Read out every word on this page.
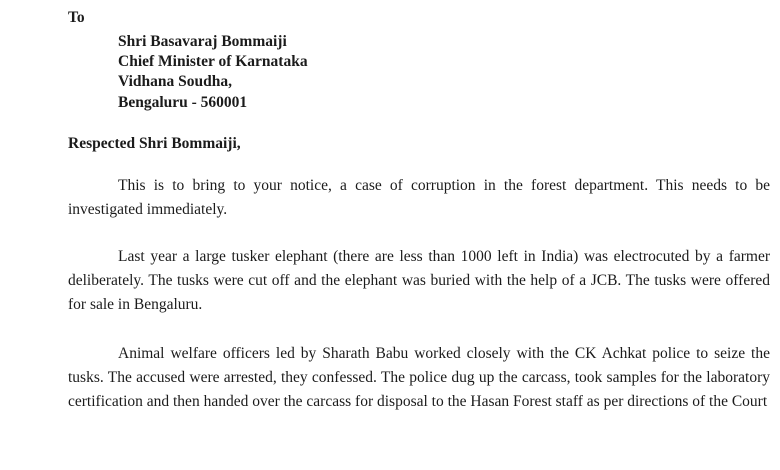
To
Shri Basavaraj Bommaiji
Chief Minister of Karnataka
Vidhana Soudha,
Bengaluru - 560001
Respected Shri Bommaiji,

This is to bring to your notice, a case of corruption in the forest department. This needs to be investigated immediately.

Last year a large tusker elephant (there are less than 1000 left in India) was electrocuted by a farmer deliberately. The tusks were cut off and the elephant was buried with the help of a JCB. The tusks were offered for sale in Bengaluru.

Animal welfare officers led by Sharath Babu worked closely with the CK Achkat police to seize the tusks. The accused were arrested, they confessed. The police dug up the carcass, took samples for the laboratory certification and then handed over the carcass for disposal to the Hasan Forest staff as per directions of the Court
